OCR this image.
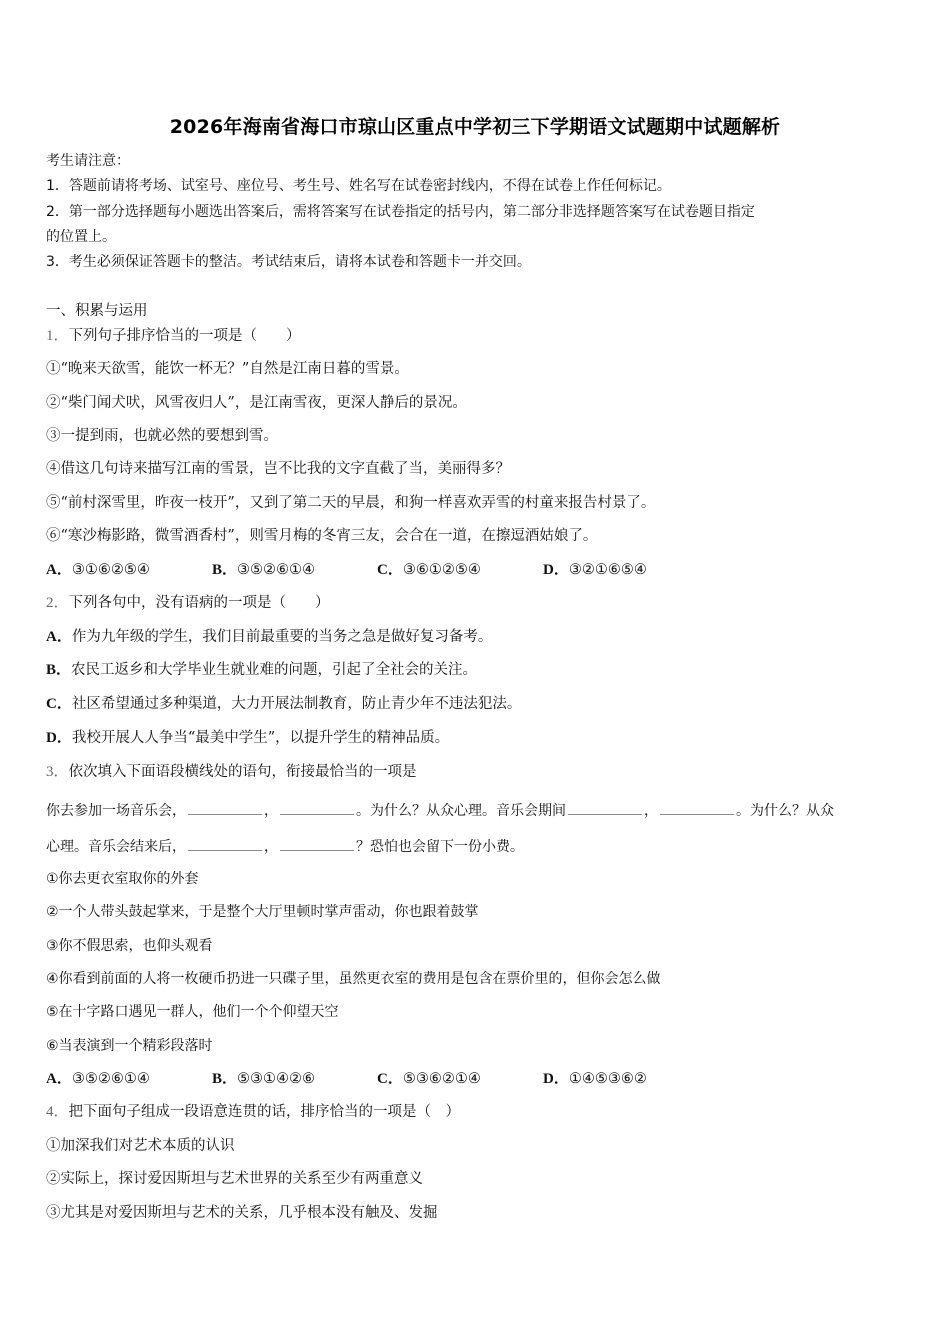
2026年海南省海口市琼山区重点中学初三下学期语文试题期中试题解析
考生请注意：
1．答题前请将考场、试室号、座位号、考生号、姓名写在试卷密封线内，不得在试卷上作任何标记。
2．第一部分选择题每小题选出答案后，需将答案写在试卷指定的括号内，第二部分非选择题答案写在试卷题目指定
的位置上。
3．考生必须保证答题卡的整洁。考试结束后，请将本试卷和答题卡一并交回。
一、积累与运用
1．下列句子排序恰当的一项是（　　）
①“晚来天欲雪，能饮一杯无？”自然是江南日暮的雪景。
②“柴门闻犬吠，风雪夜归人”，是江南雪夜，更深人静后的景况。
③一提到雨，也就必然的要想到雪。
④借这几句诗来描写江南的雪景，岂不比我的文字直截了当，美丽得多？
⑤“前村深雪里，昨夜一枝开”，又到了第二天的早晨，和狗一样喜欢弄雪的村童来报告村景了。
⑥“寒沙梅影路，微雪酒香村”，则雪月梅的冬宵三友，会合在一道，在擦逗酒姑娘了。
A．③①⑥②⑤④	B．③⑤②⑥①④	C．③⑥①②⑤④	D．③②①⑥⑤④
2．下列各句中，没有语病的一项是（　　）
A．作为九年级的学生，我们目前最重要的当务之急是做好复习备考。
B．农民工返乡和大学毕业生就业难的问题，引起了全社会的关注。
C．社区希望通过多种渠道，大力开展法制教育，防止青少年不违法犯法。
D．我校开展人人争当“最美中学生”，以提升学生的精神品质。
3．依次填入下面语段横线处的语句，衔接最恰当的一项是
你去参加一场音乐会，	，	。为什么？从众心理。音乐会期间	，	。为什么？从众
心理。音乐会结来后，	，	？恐怕也会留下一份小费。
①你去更衣室取你的外套
②一个人带头鼓起掌来，于是整个大厅里顿时掌声雷动，你也跟着鼓掌
③你不假思索，也仰头观看
④你看到前面的人将一枚硬币扔进一只碟子里，虽然更衣室的费用是包含在票价里的，但你会怎么做
⑤在十字路口遇见一群人，他们一个个仰望天空
⑥当表演到一个精彩段落时
A．③⑤②⑥①④	B．⑤③①④②⑥	C．⑤③⑥②①④	D．①④⑤③⑥②
4．把下面句子组成一段语意连贯的话，排序恰当的一项是（　）
①加深我们对艺术本质的认识
②实际上，探讨爱因斯坦与艺术世界的关系至少有两重意义
③尤其是对爱因斯坦与艺术的关系，几乎根本没有触及、发掘
